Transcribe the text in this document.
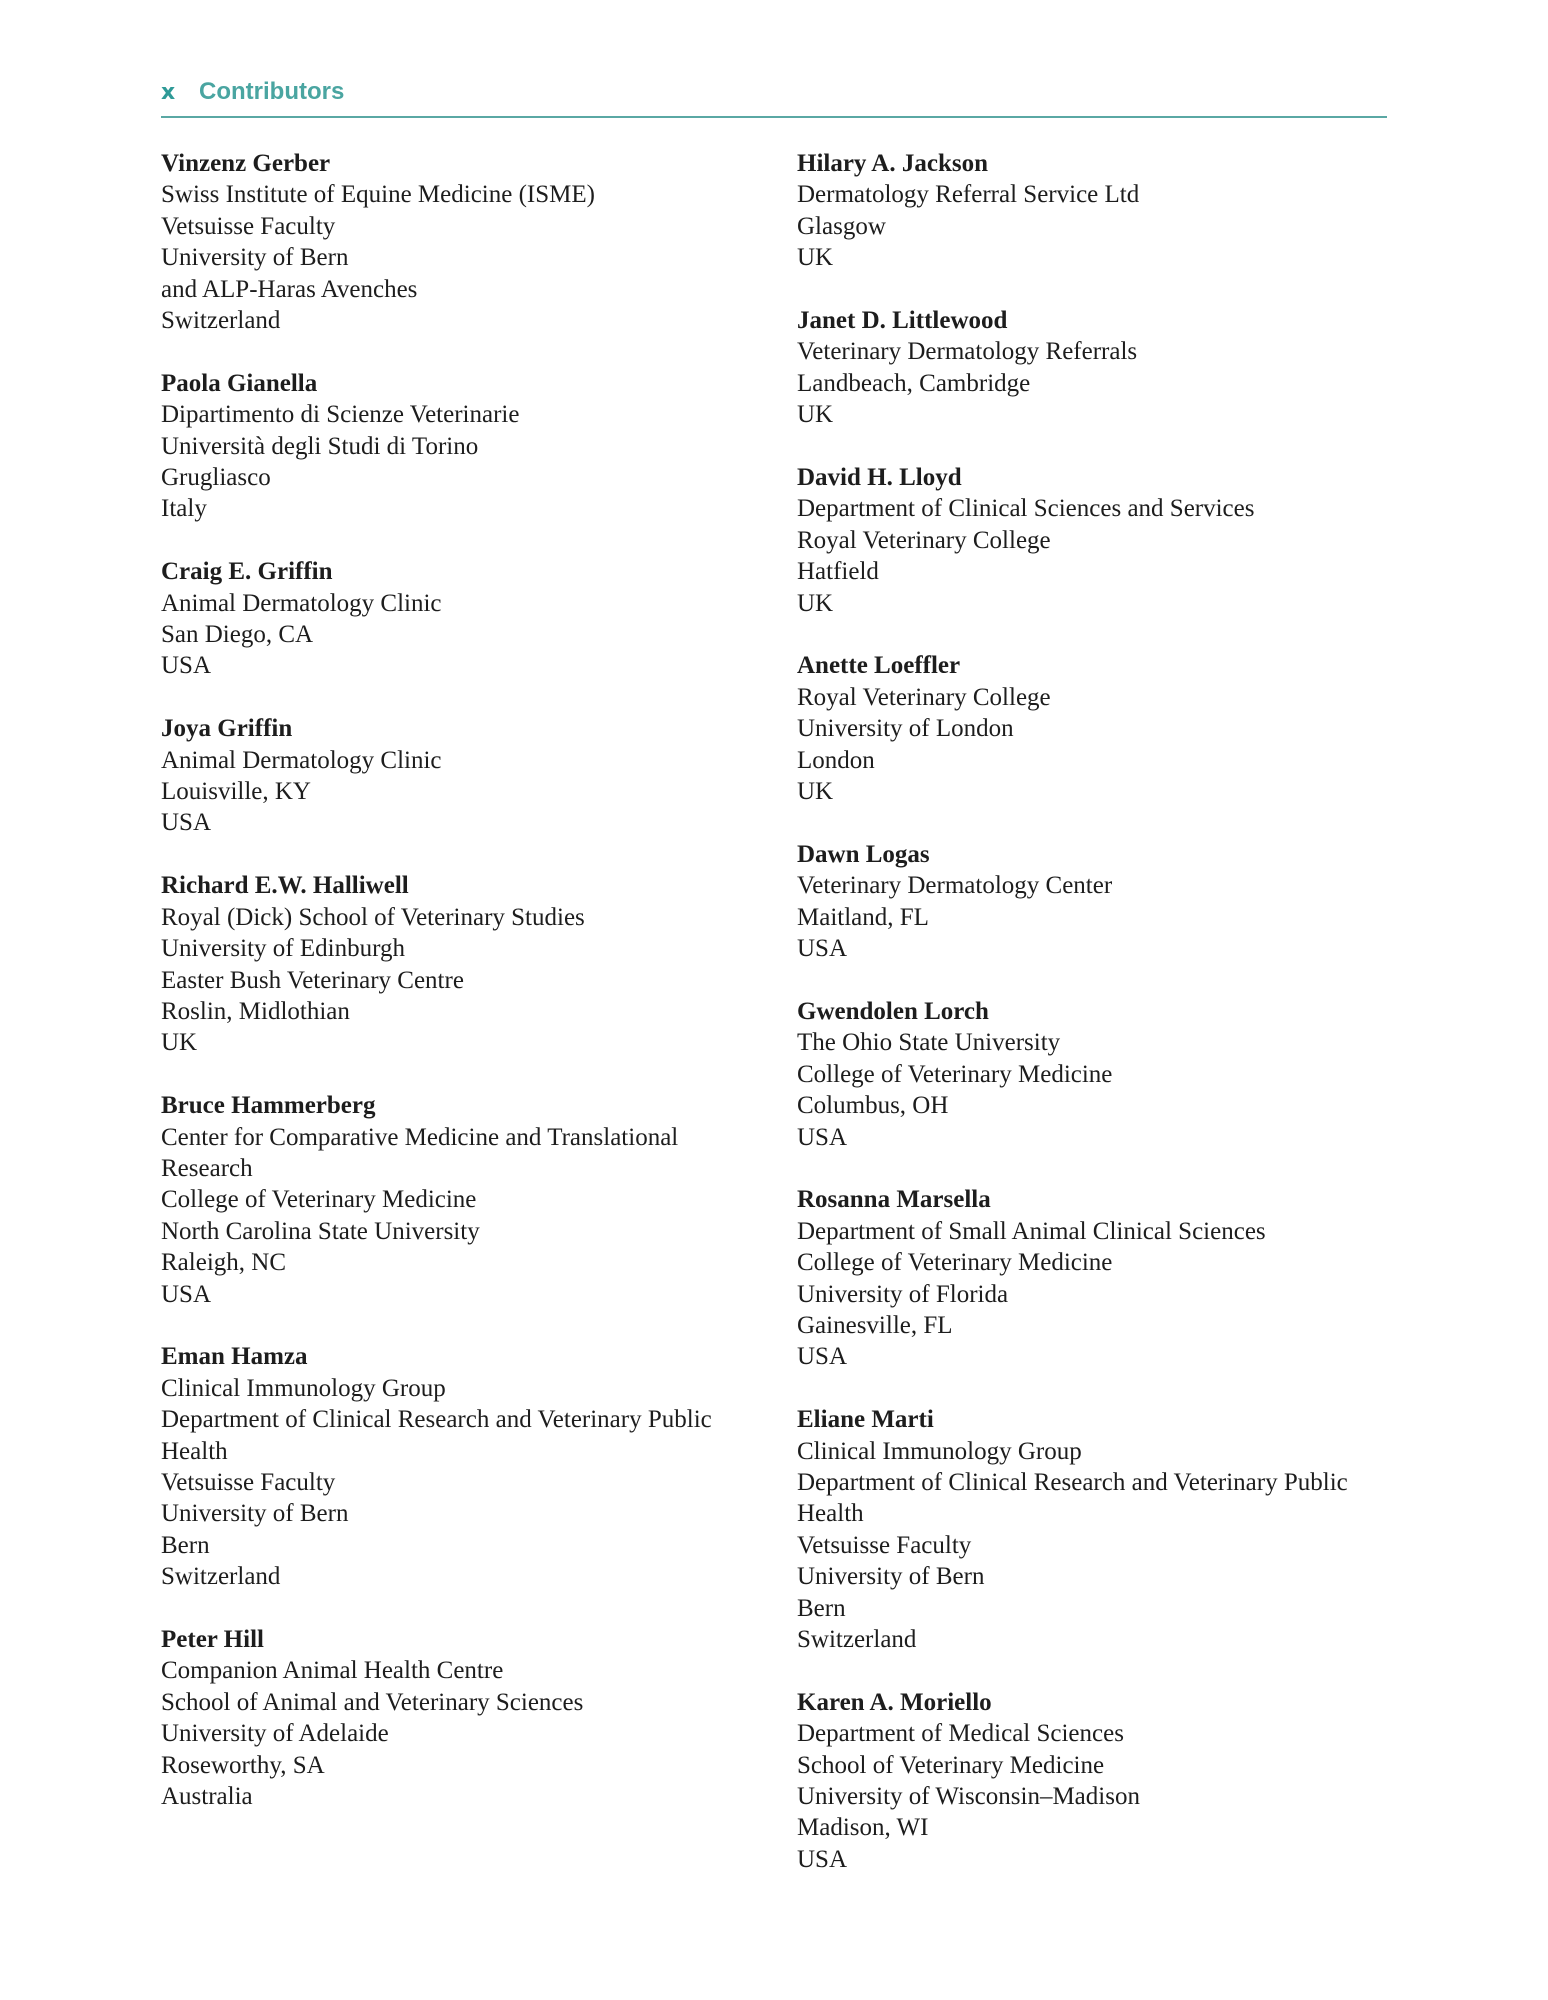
x Contributors
Vinzenz Gerber
Swiss Institute of Equine Medicine (ISME)
Vetsuisse Faculty
University of Bern
and ALP-Haras Avenches
Switzerland
Paola Gianella
Dipartimento di Scienze Veterinarie
Università degli Studi di Torino
Grugliasco
Italy
Craig E. Griffin
Animal Dermatology Clinic
San Diego, CA
USA
Joya Griffin
Animal Dermatology Clinic
Louisville, KY
USA
Richard E.W. Halliwell
Royal (Dick) School of Veterinary Studies
University of Edinburgh
Easter Bush Veterinary Centre
Roslin, Midlothian
UK
Bruce Hammerberg
Center for Comparative Medicine and Translational
Research
College of Veterinary Medicine
North Carolina State University
Raleigh, NC
USA
Eman Hamza
Clinical Immunology Group
Department of Clinical Research and Veterinary Public
Health
Vetsuisse Faculty
University of Bern
Bern
Switzerland
Peter Hill
Companion Animal Health Centre
School of Animal and Veterinary Sciences
University of Adelaide
Roseworthy, SA
Australia
Hilary A. Jackson
Dermatology Referral Service Ltd
Glasgow
UK
Janet D. Littlewood
Veterinary Dermatology Referrals
Landbeach, Cambridge
UK
David H. Lloyd
Department of Clinical Sciences and Services
Royal Veterinary College
Hatfield
UK
Anette Loeffler
Royal Veterinary College
University of London
London
UK
Dawn Logas
Veterinary Dermatology Center
Maitland, FL
USA
Gwendolen Lorch
The Ohio State University
College of Veterinary Medicine
Columbus, OH
USA
Rosanna Marsella
Department of Small Animal Clinical Sciences
College of Veterinary Medicine
University of Florida
Gainesville, FL
USA
Eliane Marti
Clinical Immunology Group
Department of Clinical Research and Veterinary Public
Health
Vetsuisse Faculty
University of Bern
Bern
Switzerland
Karen A. Moriello
Department of Medical Sciences
School of Veterinary Medicine
University of Wisconsin–Madison
Madison, WI
USA
